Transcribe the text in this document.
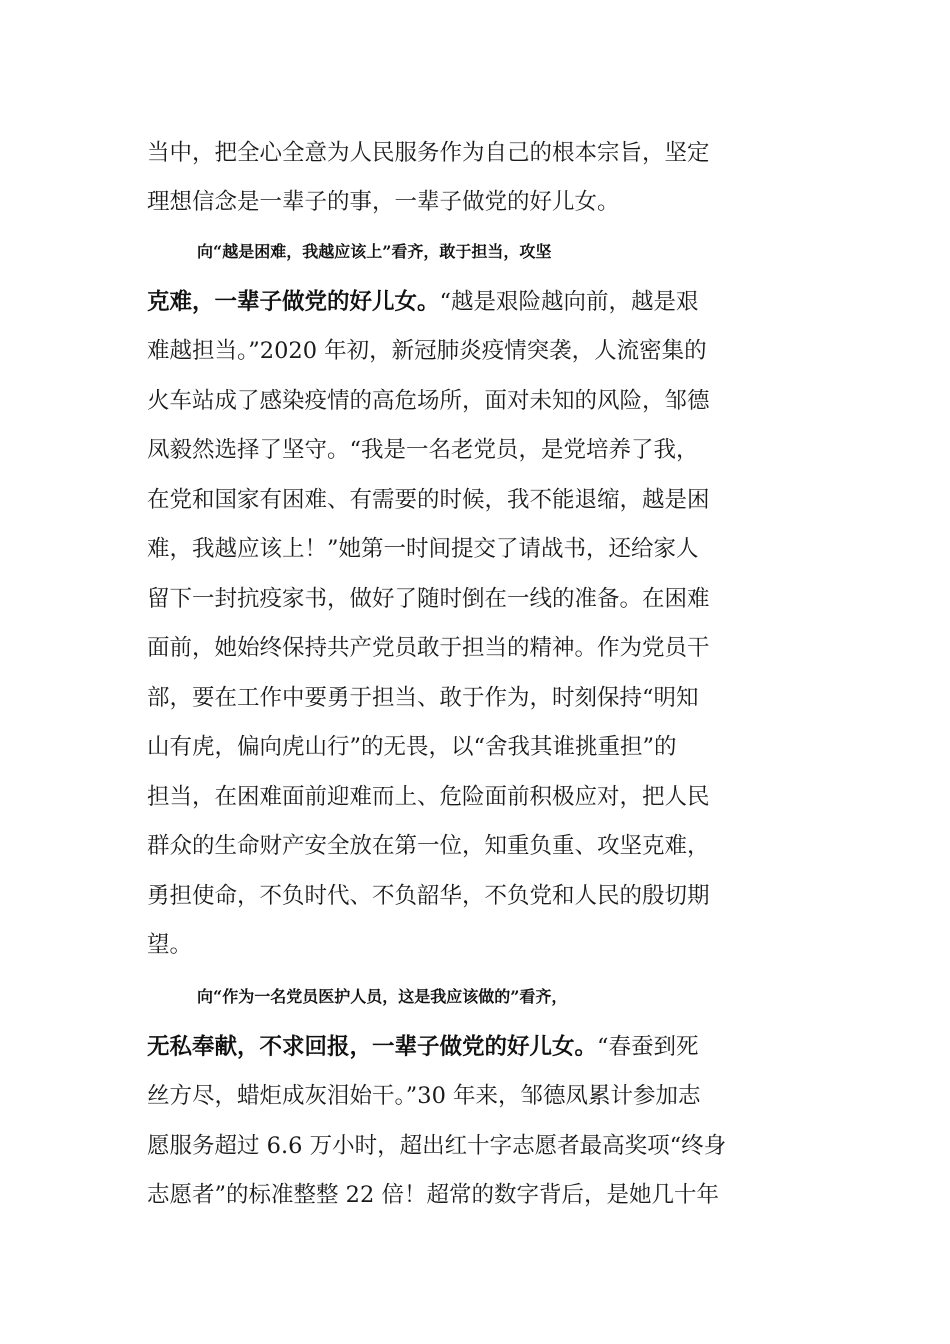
当中，把全心全意为人民服务作为自己的根本宗旨，坚定
理想信念是一辈子的事，一辈子做党的好儿女。
向“越是困难，我越应该上”看齐，敢于担当，攻坚
克难，一辈子做党的好儿女。“越是艰险越向前，越是艰
难越担当。”2020 年初，新冠肺炎疫情突袭，人流密集的
火车站成了感染疫情的高危场所，面对未知的风险，邹德
凤毅然选择了坚守。“我是一名老党员，是党培养了我，
在党和国家有困难、有需要的时候，我不能退缩，越是困
难，我越应该上！”她第一时间提交了请战书，还给家人
留下一封抗疫家书，做好了随时倒在一线的准备。在困难
面前，她始终保持共产党员敢于担当的精神。作为党员干
部，要在工作中要勇于担当、敢于作为，时刻保持“明知
山有虎，偏向虎山行”的无畏，以“舍我其谁挑重担”的
担当，在困难面前迎难而上、危险面前积极应对，把人民
群众的生命财产安全放在第一位，知重负重、攻坚克难，
勇担使命，不负时代、不负韶华，不负党和人民的殷切期
望。
向“作为一名党员医护人员，这是我应该做的”看齐，
无私奉献，不求回报，一辈子做党的好儿女。“春蚕到死
丝方尽，蜡炬成灰泪始干。”30 年来，邹德凤累计参加志
愿服务超过 6.6 万小时，超出红十字志愿者最高奖项“终身
志愿者”的标准整整 22 倍！超常的数字背后，是她几十年
